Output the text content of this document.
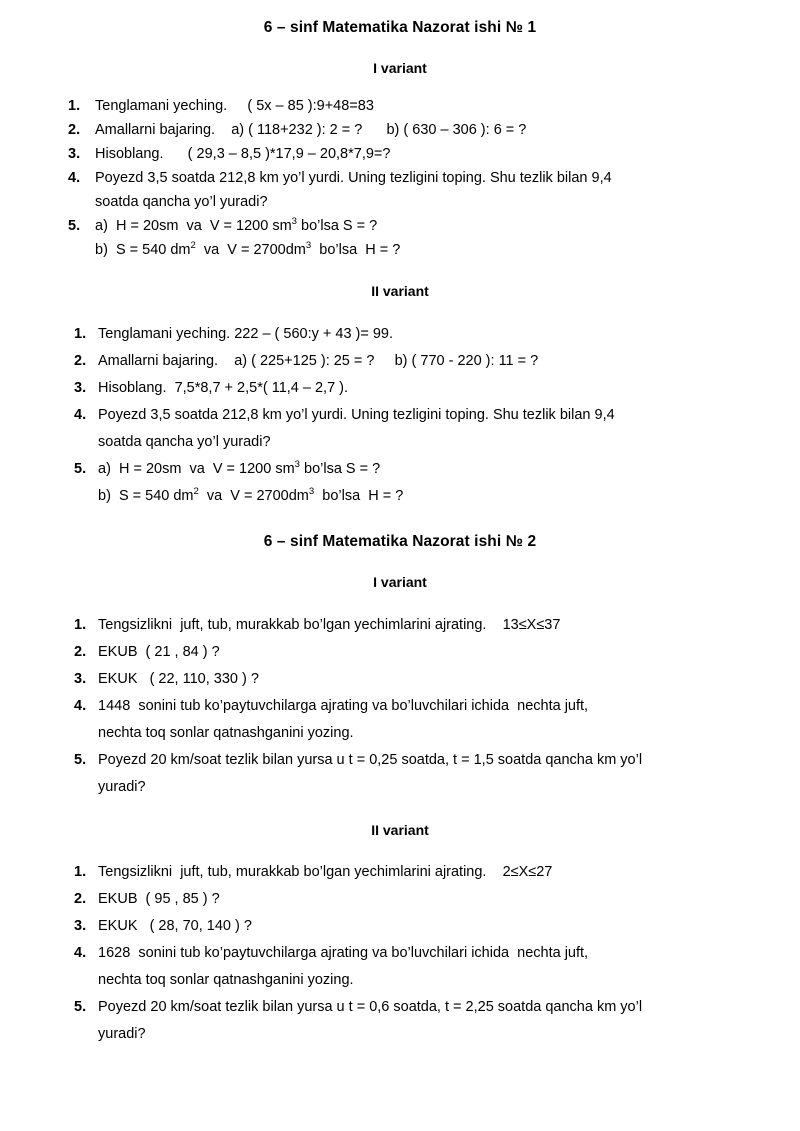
6 – sinf Matematika Nazorat ishi № 1
I variant
1. Tenglamani yeching.     ( 5x – 85 ):9+48=83
2. Amallarni bajaring.    a) ( 118+232 ): 2 = ?      b) ( 630 – 306 ): 6 = ?
3. Hisoblang.      ( 29,3 – 8,5 )*17,9 – 20,8*7,9=?
4. Poyezd 3,5 soatda 212,8 km yo’l yurdi. Uning tezligini toping. Shu tezlik bilan 9,4
soatda qancha yo’l yuradi?
5. a)  H = 20sm  va  V = 1200 $sm^3$ bo’lsa S = ?
b)  S = 540 $dm^2$  va  $V = 2700dm^3$  bo’lsa  H = ?
II variant
1. Tenglamani yeching. 222 – ( 560:y + 43 )= 99.
2. Amallarni bajaring.    a) ( 225+125 ): 25 = ?     b) ( 770 - 220 ): 11 = ?
3. Hisoblang.  7,5*8,7 + 2,5*( 11,4 – 2,7 ).
4. Poyezd 3,5 soatda 212,8 km yo’l yurdi. Uning tezligini toping. Shu tezlik bilan 9,4
soatda qancha yo’l yuradi?
5. a)  H = 20sm  va  V = 1200 $sm^3$ bo’lsa S = ?
b)  S = 540 $dm^2$  va  $V = 2700dm^3$  bo’lsa  H = ?
6 – sinf Matematika Nazorat ishi № 2
I variant
1. Tengsizlikni  juft, tub, murakkab bo’lgan yechimlarini ajrating.    13≤X≤37
2. EKUB  ( 21 , 84 ) ?
3. EKUK   ( 22, 110, 330 ) ?
4. 1448  sonini tub ko’paytuvchilarga ajrating va bo’luvchilari ichida  nechta juft,
nechta toq sonlar qatnashganini yozing.
5. Poyezd 20 km/soat tezlik bilan yursa u t = 0,25 soatda, t = 1,5 soatda qancha km yo’l
yuradi?
II variant
1. Tengsizlikni  juft, tub, murakkab bo’lgan yechimlarini ajrating.    2≤X≤27
2. EKUB  ( 95 , 85 ) ?
3. EKUK   ( 28, 70, 140 ) ?
4. 1628  sonini tub ko’paytuvchilarga ajrating va bo’luvchilari ichida  nechta juft,
nechta toq sonlar qatnashganini yozing.
5. Poyezd 20 km/soat tezlik bilan yursa u t = 0,6 soatda, t = 2,25 soatda qancha km yo’l
yuradi?
